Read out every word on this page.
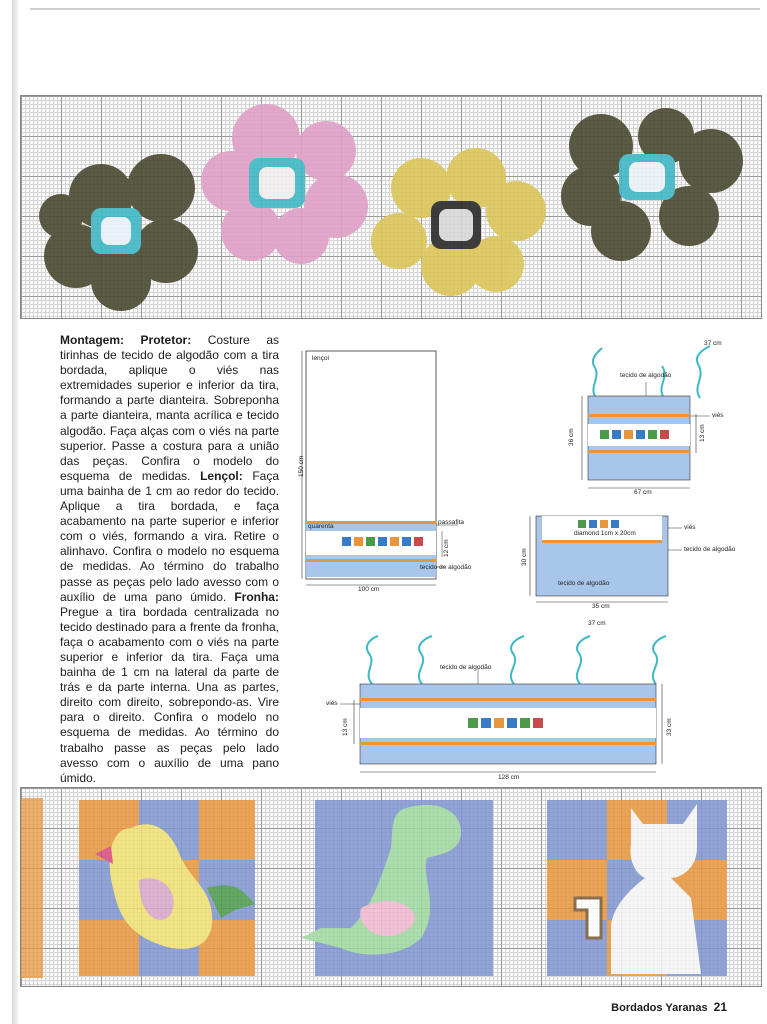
Montagem: Protetor: Costure as tirinhas de tecido de algodão com a tira bordada, aplique o viés nas extremidades superior e inferior da tira, formando a parte dianteira. Sobreponha a parte dianteira, manta acrílica e tecido algodão. Faça alças com o viés na parte superior. Passe a costura para a união das peças. Confira o modelo do esquema de medidas. Lençol: Faça uma bainha de 1 cm ao redor do tecido. Aplique a tira bordada, e faça acabamento na parte superior e inferior com o viés, formando a vira. Retire o alinhavo. Confira o modelo no esquema de medidas. Ao término do trabalho passe as peças pelo lado avesso com o auxílio de uma pano úmido. Fronha: Pregue a tira bordada centralizada no tecido destinado para a frente da fronha, faça o acabamento com o viés na parte superior e inferior da tira. Faça uma bainha de 1 cm na lateral da parte de trás e da parte interna. Una as partes, direito com direito, sobrepondo-as. Vire para o direito. Confira o modelo no esquema de medidas. Ao término do trabalho passe as peças pelo lado avesso com o auxílio de uma pano úmido.
lençol
quarenta
passafita
tecido de algodão
100 cm
150 cm
12 cm
37 cm
tecido de algodão
viés
67 cm
36 cm	13 cm
diamond 1cm x 20cm
viés
tecido de algodão
tecido de algodão
35 cm
30 cm
37 cm
tecido de algodão
viés
128 cm
13 cm	33 cm
Bordados Yaranas 21
